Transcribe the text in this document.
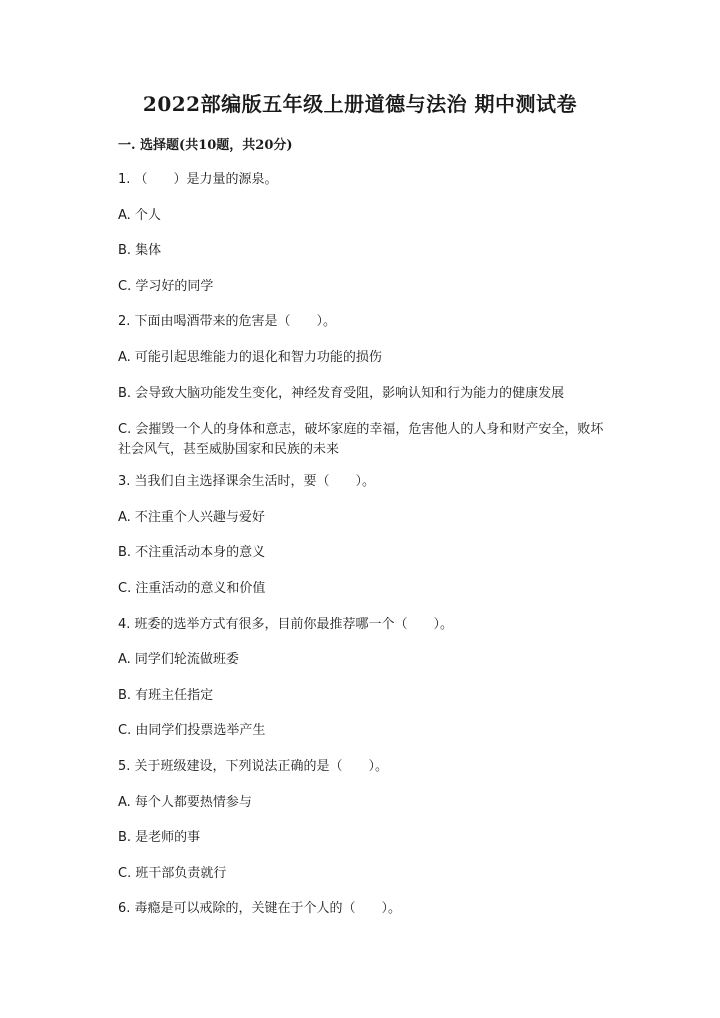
2022部编版五年级上册道德与法治 期中测试卷
一. 选择题(共10题，共20分)
1. （　　）是力量的源泉。
A. 个人
B. 集体
C. 学习好的同学
2. 下面由喝酒带来的危害是（　　）。
A. 可能引起思维能力的退化和智力功能的损伤
B. 会导致大脑功能发生变化，神经发育受阻，影响认知和行为能力的健康发展
C. 会摧毁一个人的身体和意志，破坏家庭的幸福，危害他人的人身和财产安全，败坏社会风气，甚至威胁国家和民族的未来
3. 当我们自主选择课余生活时，要（　　）。
A. 不注重个人兴趣与爱好
B. 不注重活动本身的意义
C. 注重活动的意义和价值
4. 班委的选举方式有很多，目前你最推荐哪一个（　　）。
A. 同学们轮流做班委
B. 有班主任指定
C. 由同学们投票选举产生
5. 关于班级建设，下列说法正确的是（　　）。
A. 每个人都要热情参与
B. 是老师的事
C. 班干部负责就行
6. 毒瘾是可以戒除的，关键在于个人的（　　）。
